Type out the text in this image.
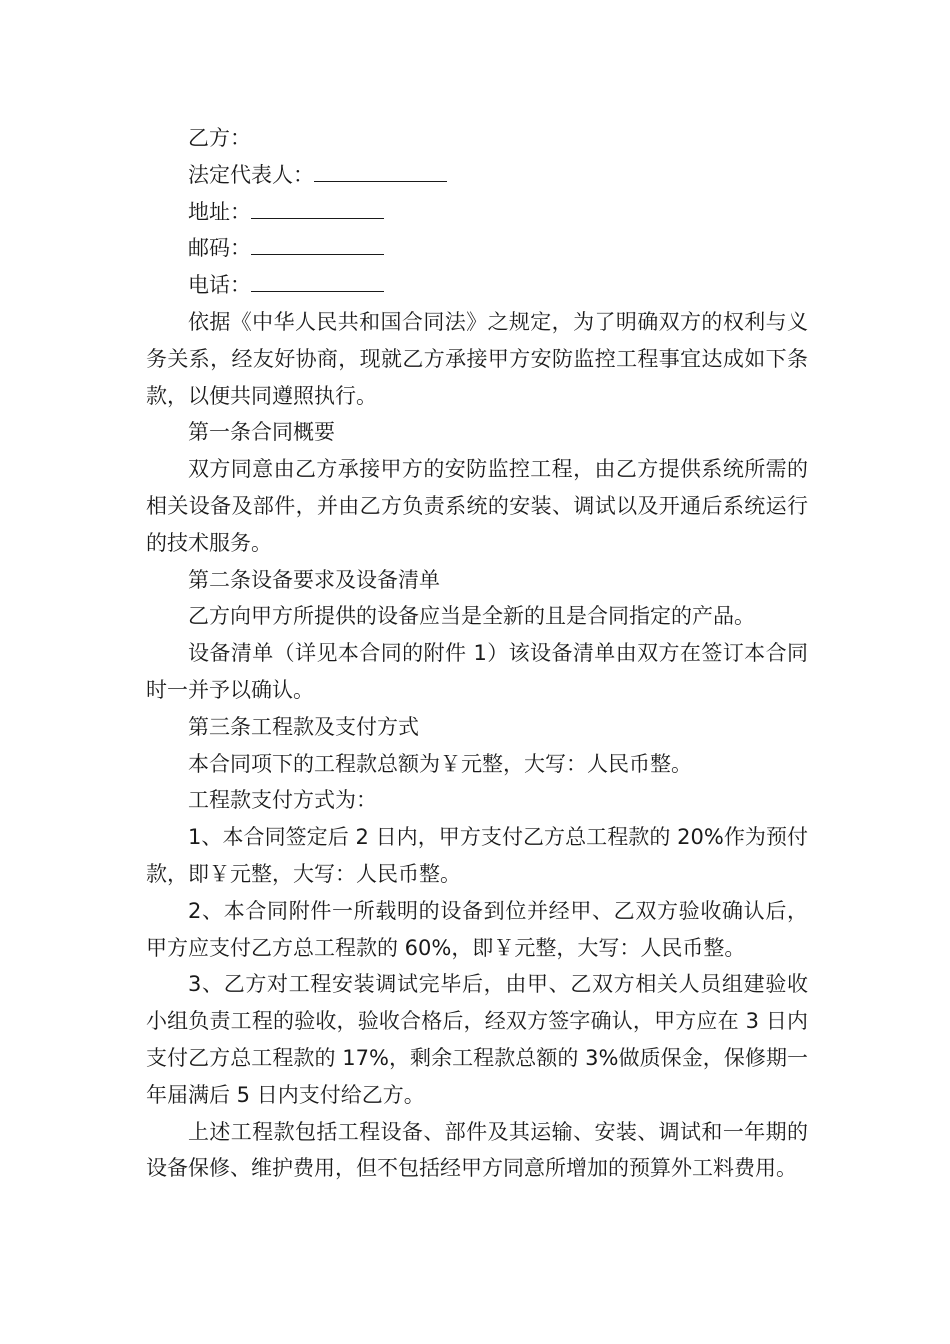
乙方：

法定代表人：

地址：

邮码：

电话：

依据《中华人民共和国合同法》之规定，为了明确双方的权利与义务关系，经友好协商，现就乙方承接甲方安防监控工程事宜达成如下条款，以便共同遵照执行。

第一条合同概要

双方同意由乙方承接甲方的安防监控工程，由乙方提供系统所需的相关设备及部件，并由乙方负责系统的安装、调试以及开通后系统运行的技术服务。

第二条设备要求及设备清单

乙方向甲方所提供的设备应当是全新的且是合同指定的产品。

设备清单（详见本合同的附件 1）该设备清单由双方在签订本合同时一并予以确认。

第三条工程款及支付方式

本合同项下的工程款总额为￥元整，大写：人民币整。

工程款支付方式为：

1、本合同签定后 2 日内，甲方支付乙方总工程款的 20%作为预付款，即￥元整，大写：人民币整。

2、本合同附件一所载明的设备到位并经甲、乙双方验收确认后，甲方应支付乙方总工程款的 60%，即￥元整，大写：人民币整。

3、乙方对工程安装调试完毕后，由甲、乙双方相关人员组建验收小组负责工程的验收，验收合格后，经双方签字确认，甲方应在 3 日内支付乙方总工程款的 17%，剩余工程款总额的 3%做质保金，保修期一年届满后 5 日内支付给乙方。

上述工程款包括工程设备、部件及其运输、安装、调试和一年期的设备保修、维护费用，但不包括经甲方同意所增加的预算外工料费用。
